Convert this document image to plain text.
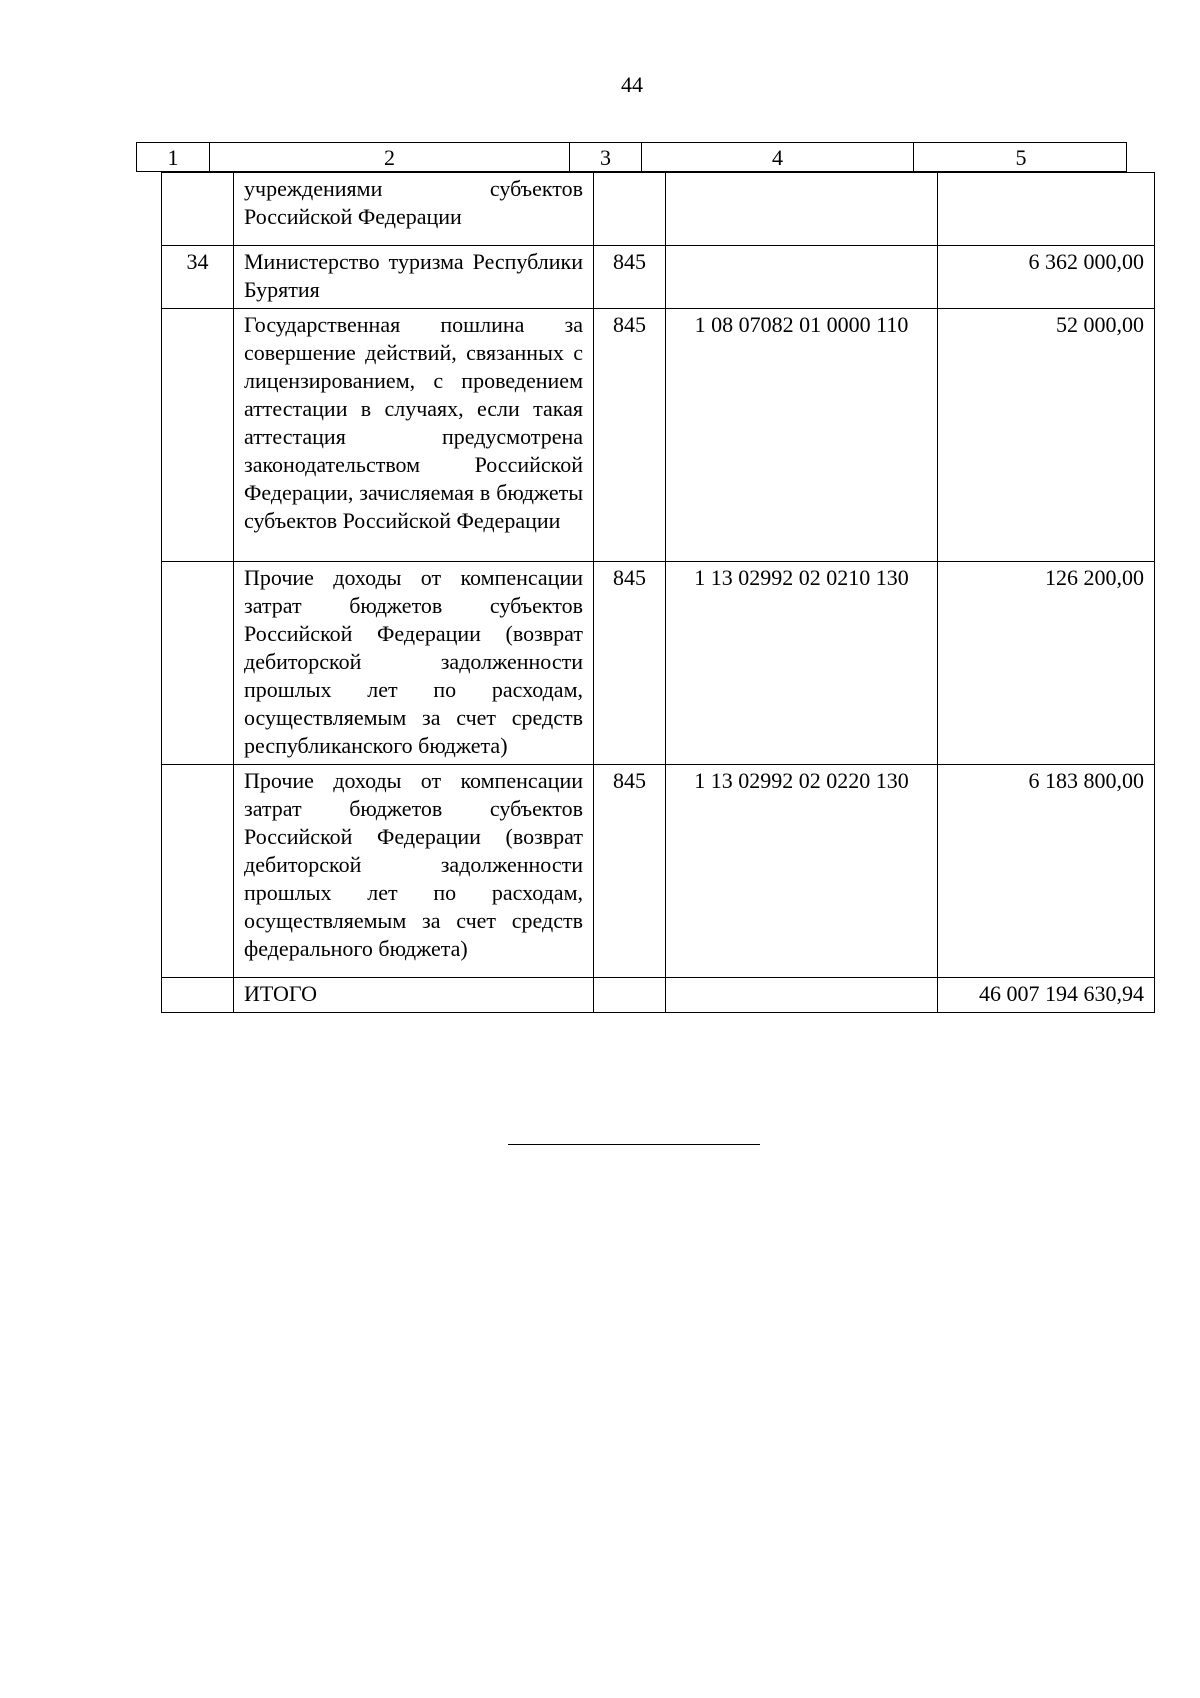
44
1	2	3	4	5
	учреждениями субъектов Российской Федерации			
34	Министерство туризма Республики Бурятия	845		6 362 000,00
	Государственная пошлина за совершение действий, связанных с лицензированием, с проведением аттестации в случаях, если такая аттестация предусмотрена законодательством Российской Федерации, зачисляемая в бюджеты субъектов Российской Федерации	845	1 08 07082 01 0000 110	52 000,00
	Прочие доходы от компенсации затрат бюджетов субъектов Российской Федерации (возврат дебиторской задолженности прошлых лет по расходам, осуществляемым за счет средств республиканского бюджета)	845	1 13 02992 02 0210 130	126 200,00
	Прочие доходы от компенсации затрат бюджетов субъектов Российской Федерации (возврат дебиторской задолженности прошлых лет по расходам, осуществляемым за счет средств федерального бюджета)	845	1 13 02992 02 0220 130	6 183 800,00
	ИТОГО			46 007 194 630,94
